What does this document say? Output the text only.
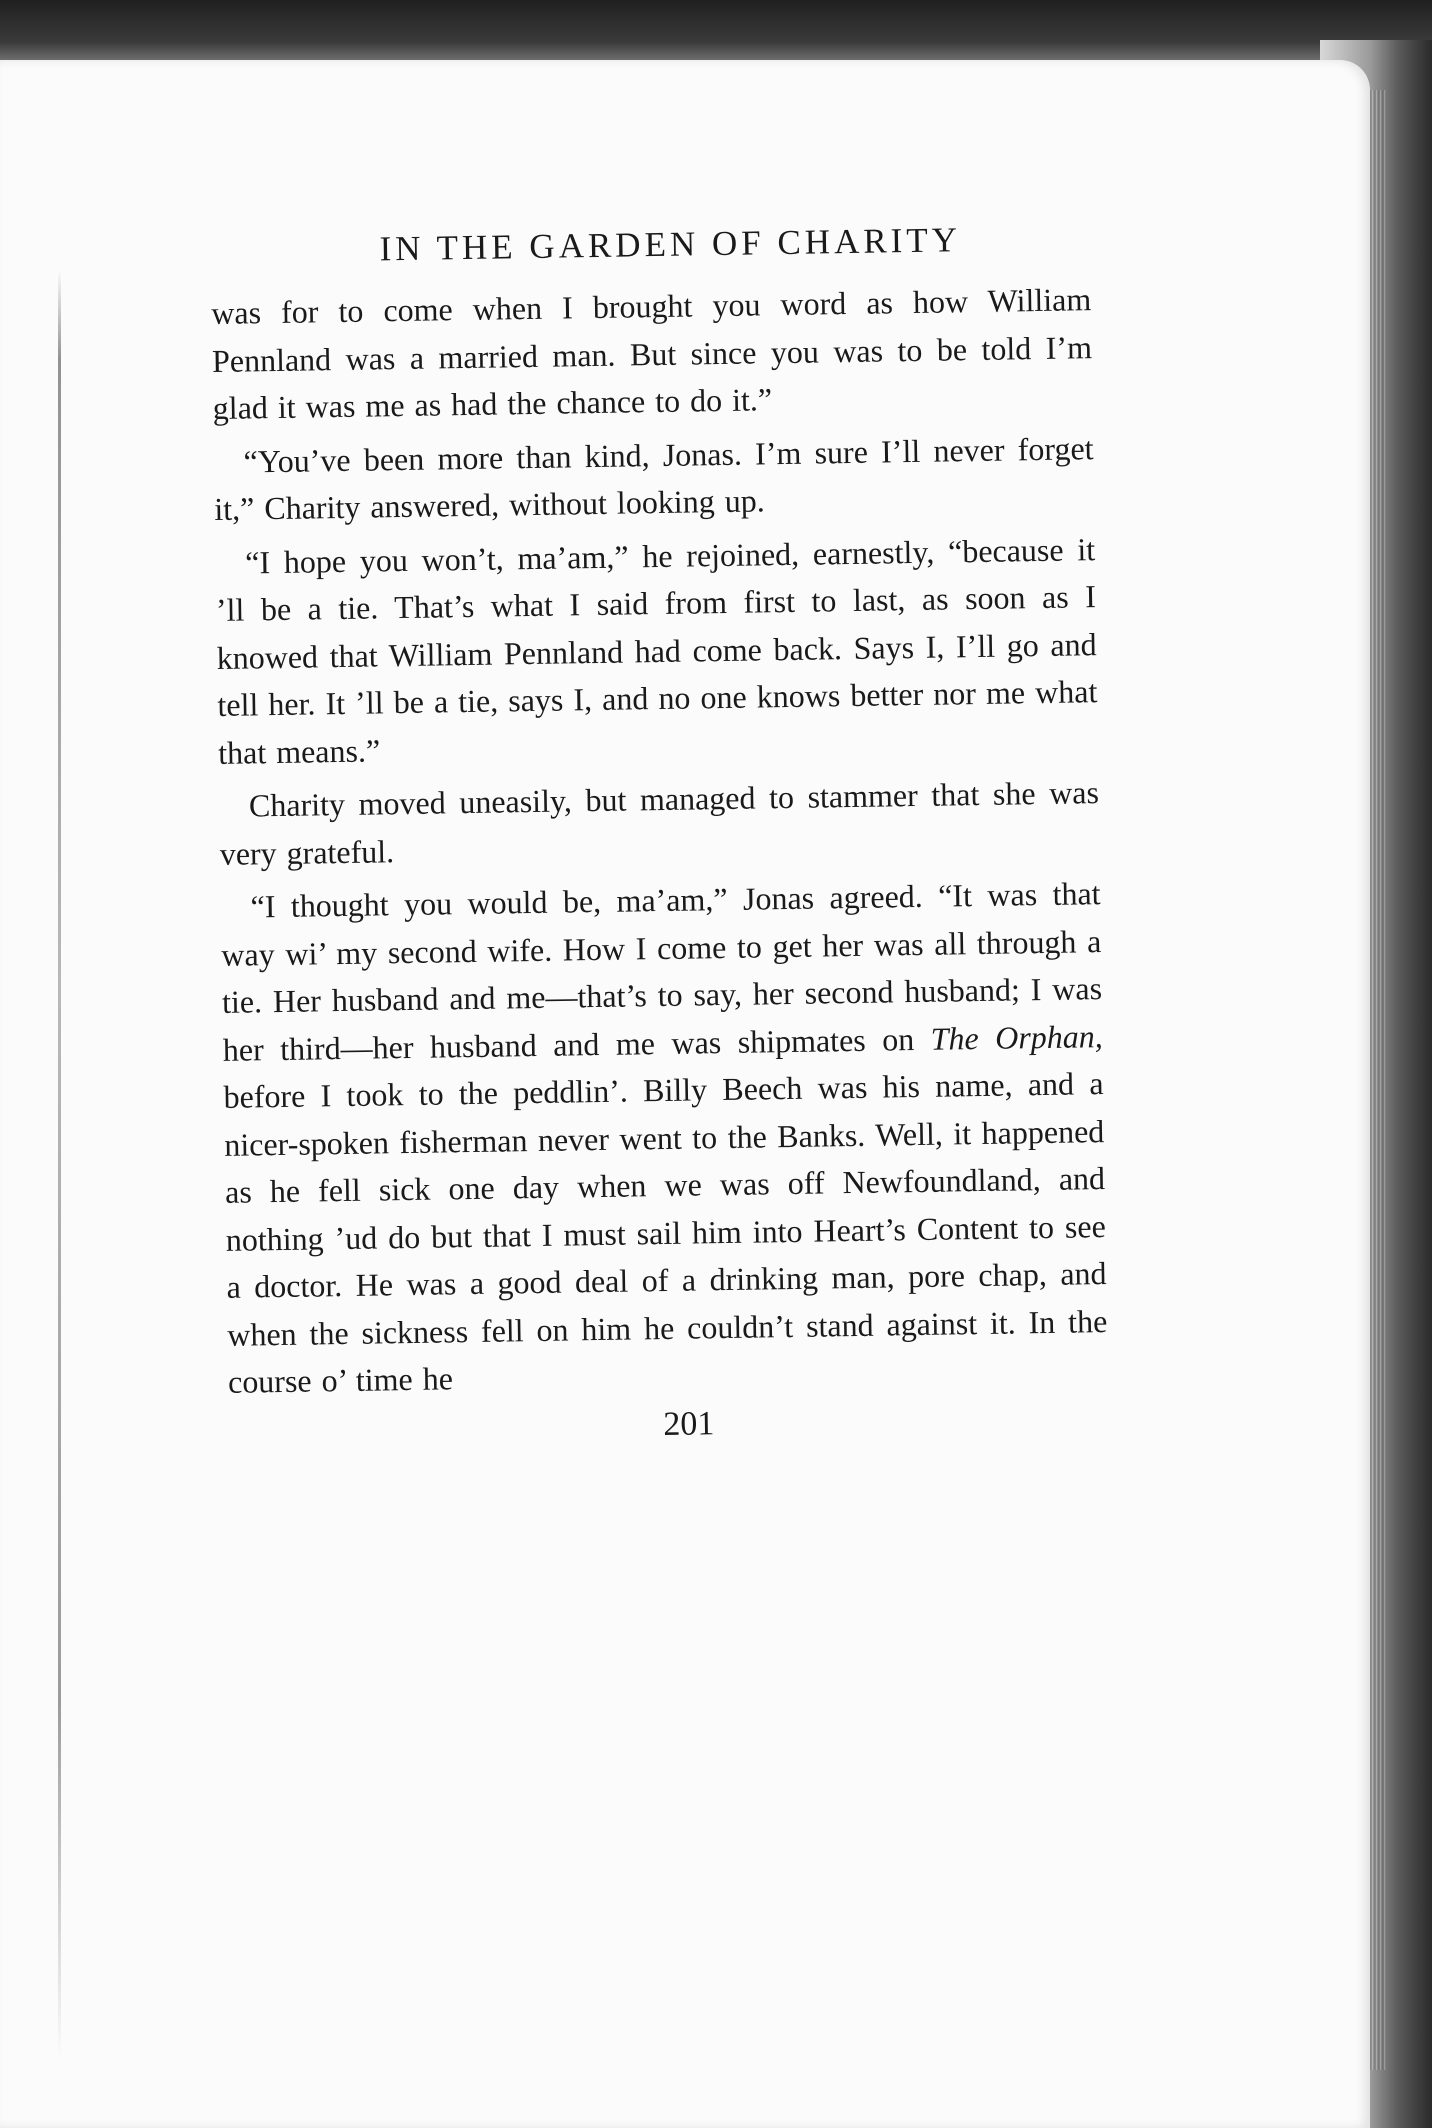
IN THE GARDEN OF CHARITY

was for to come when I brought you word as how William Pennland was a married man. But since you was to be told I’m glad it was me as had the chance to do it.”

“You’ve been more than kind, Jonas. I’m sure I’ll never forget it,” Charity answered, without looking up.

“I hope you won’t, ma’am,” he rejoined, earnestly, “because it ’ll be a tie. That’s what I said from first to last, as soon as I knowed that William Pennland had come back. Says I, I’ll go and tell her. It ’ll be a tie, says I, and no one knows better nor me what that means.”

Charity moved uneasily, but managed to stammer that she was very grateful.

“I thought you would be, ma’am,” Jonas agreed. “It was that way wi’ my second wife. How I come to get her was all through a tie. Her husband and me—that’s to say, her second husband; I was her third—her husband and me was shipmates on The Orphan, before I took to the peddlin’. Billy Beech was his name, and a nicer-spoken fisherman never went to the Banks. Well, it happened as he fell sick one day when we was off Newfoundland, and nothing ’ud do but that I must sail him into Heart’s Content to see a doctor. He was a good deal of a drinking man, pore chap, and when the sickness fell on him he couldn’t stand against it. In the course o’ time he

201
